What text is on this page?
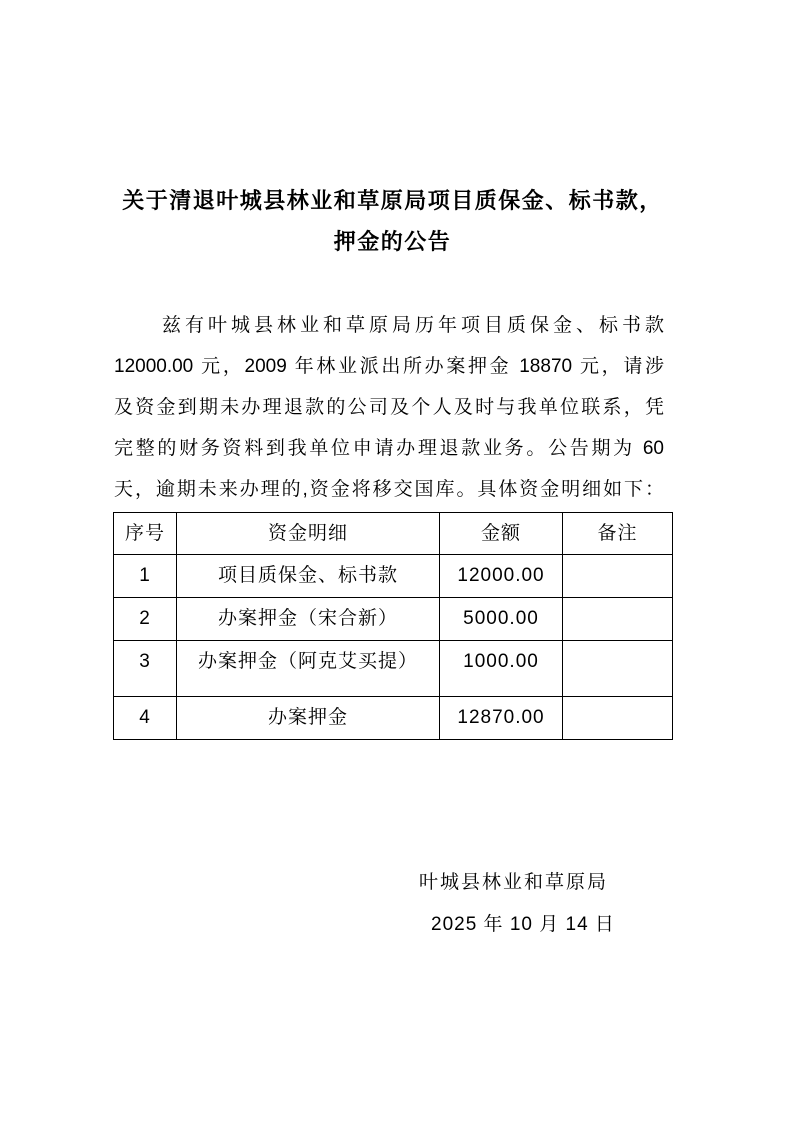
关于清退叶城县林业和草原局项目质保金、标书款，
押金的公告
兹有叶城县林业和草原局历年项目质保金、标书款
12000.00 元，2009 年林业派出所办案押金 18870 元，请涉
及资金到期未办理退款的公司及个人及时与我单位联系，凭
完整的财务资料到我单位申请办理退款业务。公告期为 60
天，逾期未来办理的,资金将移交国库。具体资金明细如下：
序号	资金明细	金额	备注
1	项目质保金、标书款	12000.00	
2	办案押金（宋合新）	5000.00	
3	办案押金（阿克艾买提）	1000.00	
4	办案押金	12870.00	
叶城县林业和草原局
2025 年 10 月 14 日
